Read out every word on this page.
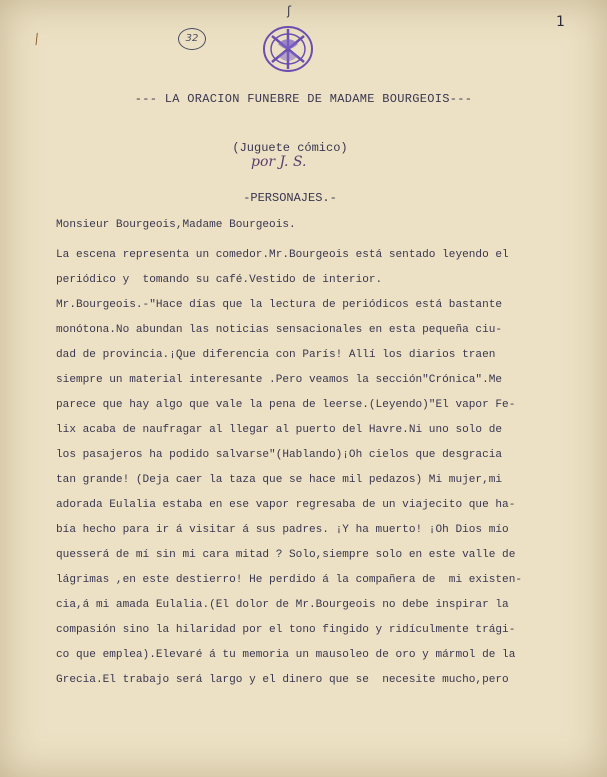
ʃ
⁄
1
32
--- LA ORACION FUNEBRE DE MADAME BOURGEOIS---
(Juguete cómico)
por J. S.
-PERSONAJES.-
Monsieur Bourgeois,Madame Bourgeois.
La escena representa un comedor.Mr.Bourgeois está sentado leyendo el
periódico y  tomando su café.Vestido de interior.
Mr.Bourgeois.-"Hace días que la lectura de periódicos está bastante
monótona.No abundan las noticias sensacionales en esta pequeña ciu-
dad de provincia.¡Que diferencia con París! Allí los diarios traen
siempre un material interesante .Pero veamos la sección"Crónica".Me
parece que hay algo que vale la pena de leerse.(Leyendo)"El vapor Fe-
lix acaba de naufragar al llegar al puerto del Havre.Ni uno solo de
los pasajeros ha podido salvarse"(Hablando)¡Oh cielos que desgracia
tan grande! (Deja caer la taza que se hace mil pedazos) Mi mujer,mi
adorada Eulalia estaba en ese vapor regresaba de un viajecito que ha-
bía hecho para ir á visitar á sus padres. ¡Y ha muerto! ¡Oh Dios mío
quesserá de mí sin mi cara mitad ? Solo,siempre solo en este valle de
lágrimas ,en este destierro! He perdido á la compañera de  mi existen-
cia,á mi amada Eulalia.(El dolor de Mr.Bourgeois no debe inspirar la
compasión sino la hilaridad por el tono fingido y ridículmente trági-
co que emplea).Elevaré á tu memoria un mausoleo de oro y mármol de la
Grecia.El trabajo será largo y el dinero que se  necesite mucho,pero
